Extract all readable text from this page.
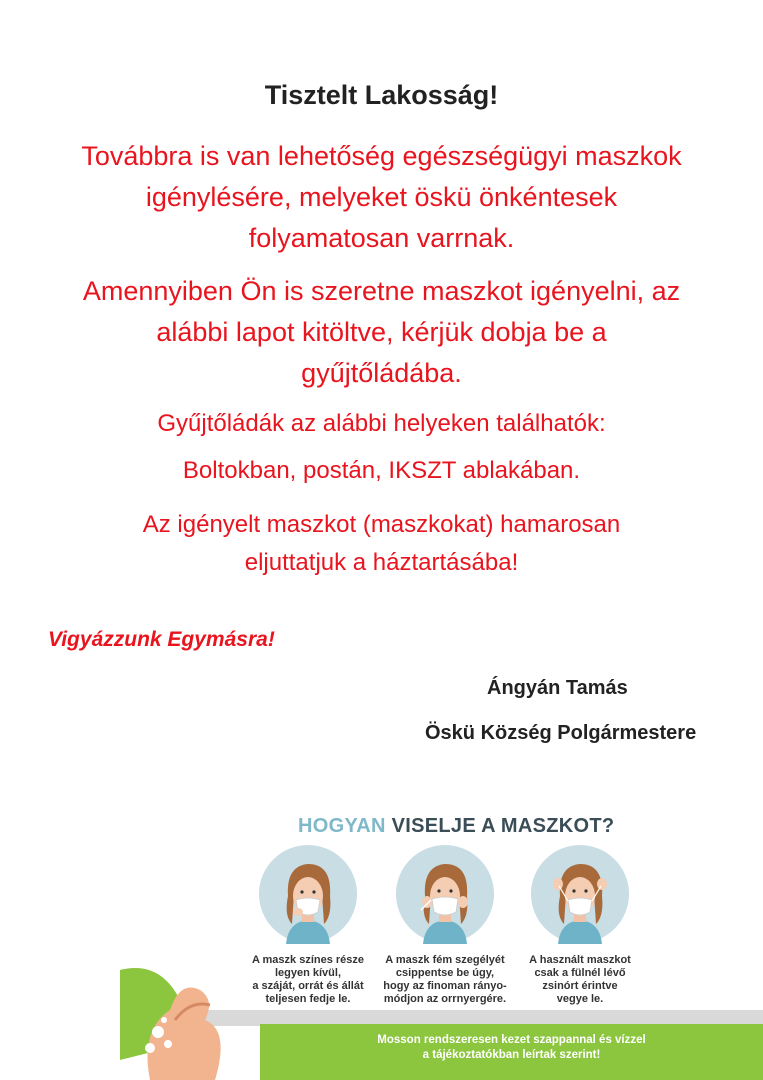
Tisztelt Lakosság!
Továbbra is van lehetőség egészségügyi maszkok
igénylésére, melyeket öskü önkéntesek
folyamatosan varrnak.
Amennyiben Ön is szeretne maszkot igényelni, az
alábbi lapot kitöltve, kérjük dobja be a
gyűjtőládába.
Gyűjtőládák az alábbi helyeken találhatók:
Boltokban, postán, IKSZT ablakában.
Az igényelt maszkot (maszkokat) hamarosan
eljuttatjuk a háztartásába!
Vigyázzunk Egymásra!
Ángyán Tamás
Öskü Község Polgármestere
HOGYAN VISELJE A MASZKOT?
A maszk színes része
legyen kívül,
a száját, orrát és állát
teljesen fedje le.
A maszk fém szegélyét
csippentse be úgy,
hogy az finoman rányo-
módjon az orrnyergére.
A használt maszkot
csak a fülnél lévő
zsinórt érintve
vegye le.
Mosson rendszeresen kezet szappannal és vízzel
a tájékoztatókban leírtak szerint!
